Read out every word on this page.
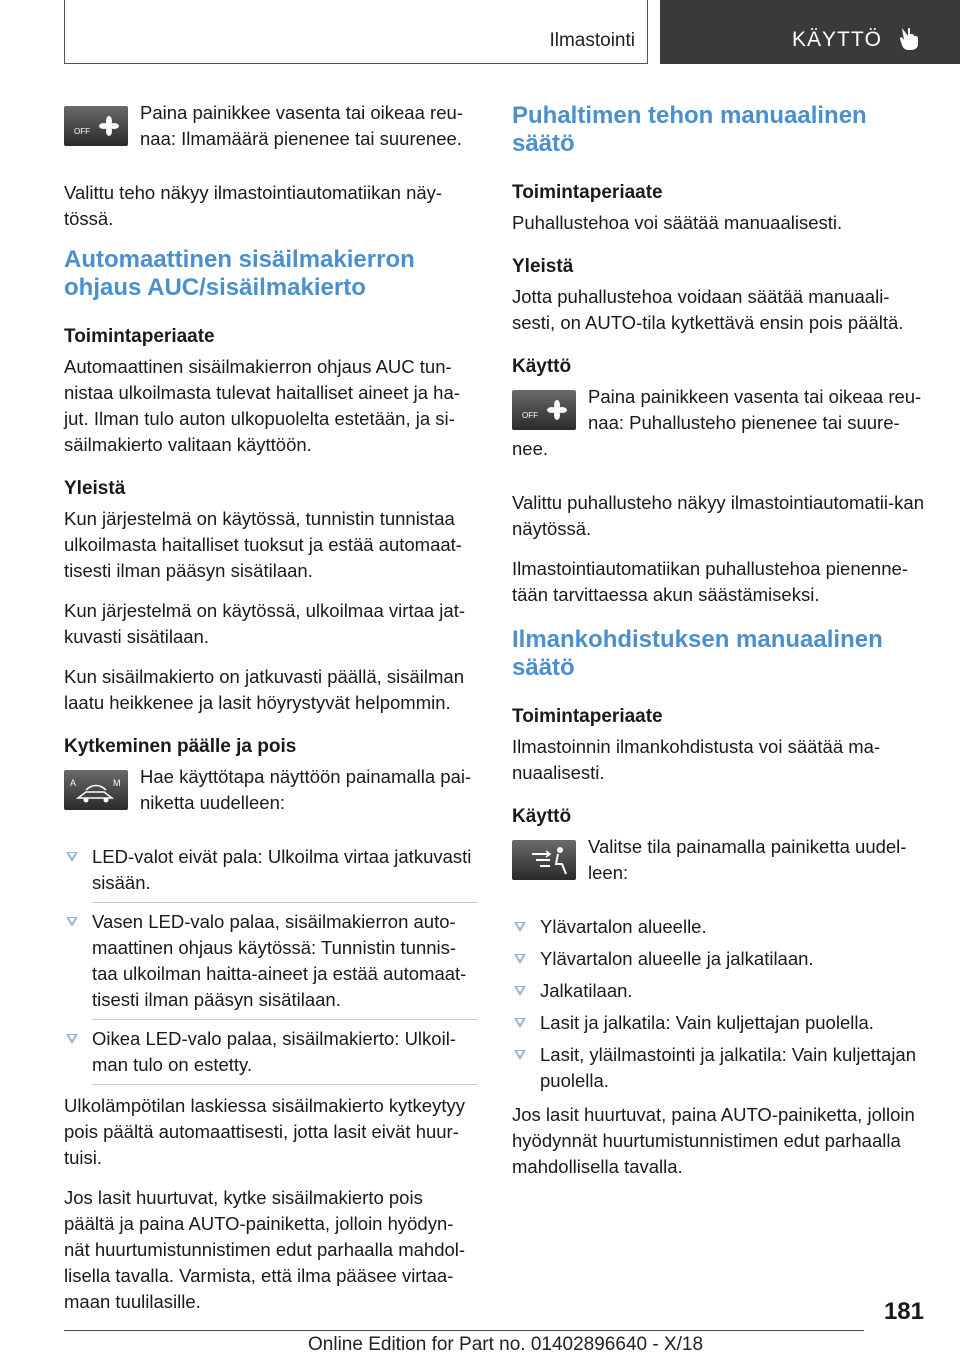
Ilmastointi	KÄYTTÖ
OFF

Paina painikkee vasenta tai oikeaa reu-naa: Ilmamäärä pienenee tai suurenee.

Valittu teho näkyy ilmastointiautomatiikan näy-tössä.

Automaattinen sisäilmakierron ohjaus AUC/sisäilmakierto
Toimintaperiaate

Automaattinen sisäilmakierron ohjaus AUC tun-nistaa ulkoilmasta tulevat haitalliset aineet ja ha-jut. Ilman tulo auton ulkopuolelta estetään, ja si-säilmakierto valitaan käyttöön.

Yleistä

Kun järjestelmä on käytössä, tunnistin tunnistaa ulkoilmasta haitalliset tuoksut ja estää automaat-tisesti ilman pääsyn sisätilaan.

Kun järjestelmä on käytössä, ulkoilmaa virtaa jat-kuvasti sisätilaan.

Kun sisäilmakierto on jatkuvasti päällä, sisäilman laatu heikkenee ja lasit höyrystyvät helpommin.

Kytkeminen päälle ja pois
A	M	Hae käyttötapa näyttöön painamalla pai-niketta uudelleen:

LED-valot eivät pala: Ulkoilma virtaa jatkuvasti sisään.
Vasen LED-valo palaa, sisäilmakierron auto-maattinen ohjaus käytössä: Tunnistin tunnis-taa ulkoilman haitta-aineet ja estää automaat-tisesti ilman pääsyn sisätilaan.
Oikea LED-valo palaa, sisäilmakierto: Ulkoil-man tulo on estetty.

Ulkolämpötilan laskiessa sisäilmakierto kytkeytyy pois päältä automaattisesti, jotta lasit eivät huur-tuisi.

Jos lasit huurtuvat, kytke sisäilmakierto pois päältä ja paina AUTO-painiketta, jolloin hyödyn-nät huurtumistunnistimen edut parhaalla mahdol-lisella tavalla. Varmista, että ilma pääsee virtaa-maan tuulilasille.

Puhaltimen tehon manuaalinen säätö
Toimintaperiaate

Puhallustehoa voi säätää manuaalisesti.

Yleistä

Jotta puhallustehoa voidaan säätää manuaali-sesti, on AUTO-tila kytkettävä ensin pois päältä.

Käyttö
OFF

Paina painikkeen vasenta tai oikeaa reu-naa: Puhallusteho pienenee tai suure-nee.

Valittu puhallusteho näkyy ilmastointiautomatii-kan näytössä.

Ilmastointiautomatiikan puhallustehoa pienenne-tään tarvittaessa akun säästämiseksi.

Ilmankohdistuksen manuaalinen säätö
Toimintaperiaate

Ilmastoinnin ilmankohdistusta voi säätää ma-nuaalisesti.

Käyttö

Valitse tila painamalla painiketta uudel-leen:

Ylävartalon alueelle.
Ylävartalon alueelle ja jalkatilaan.
Jalkatilaan.
Lasit ja jalkatila: Vain kuljettajan puolella.
Lasit, yläilmastointi ja jalkatila: Vain kuljettajan puolella.

Jos lasit huurtuvat, paina AUTO-painiketta, jolloin hyödynnät huurtumistunnistimen edut parhaalla mahdollisella tavalla.

181
Online Edition for Part no. 01402896640 - X/18
